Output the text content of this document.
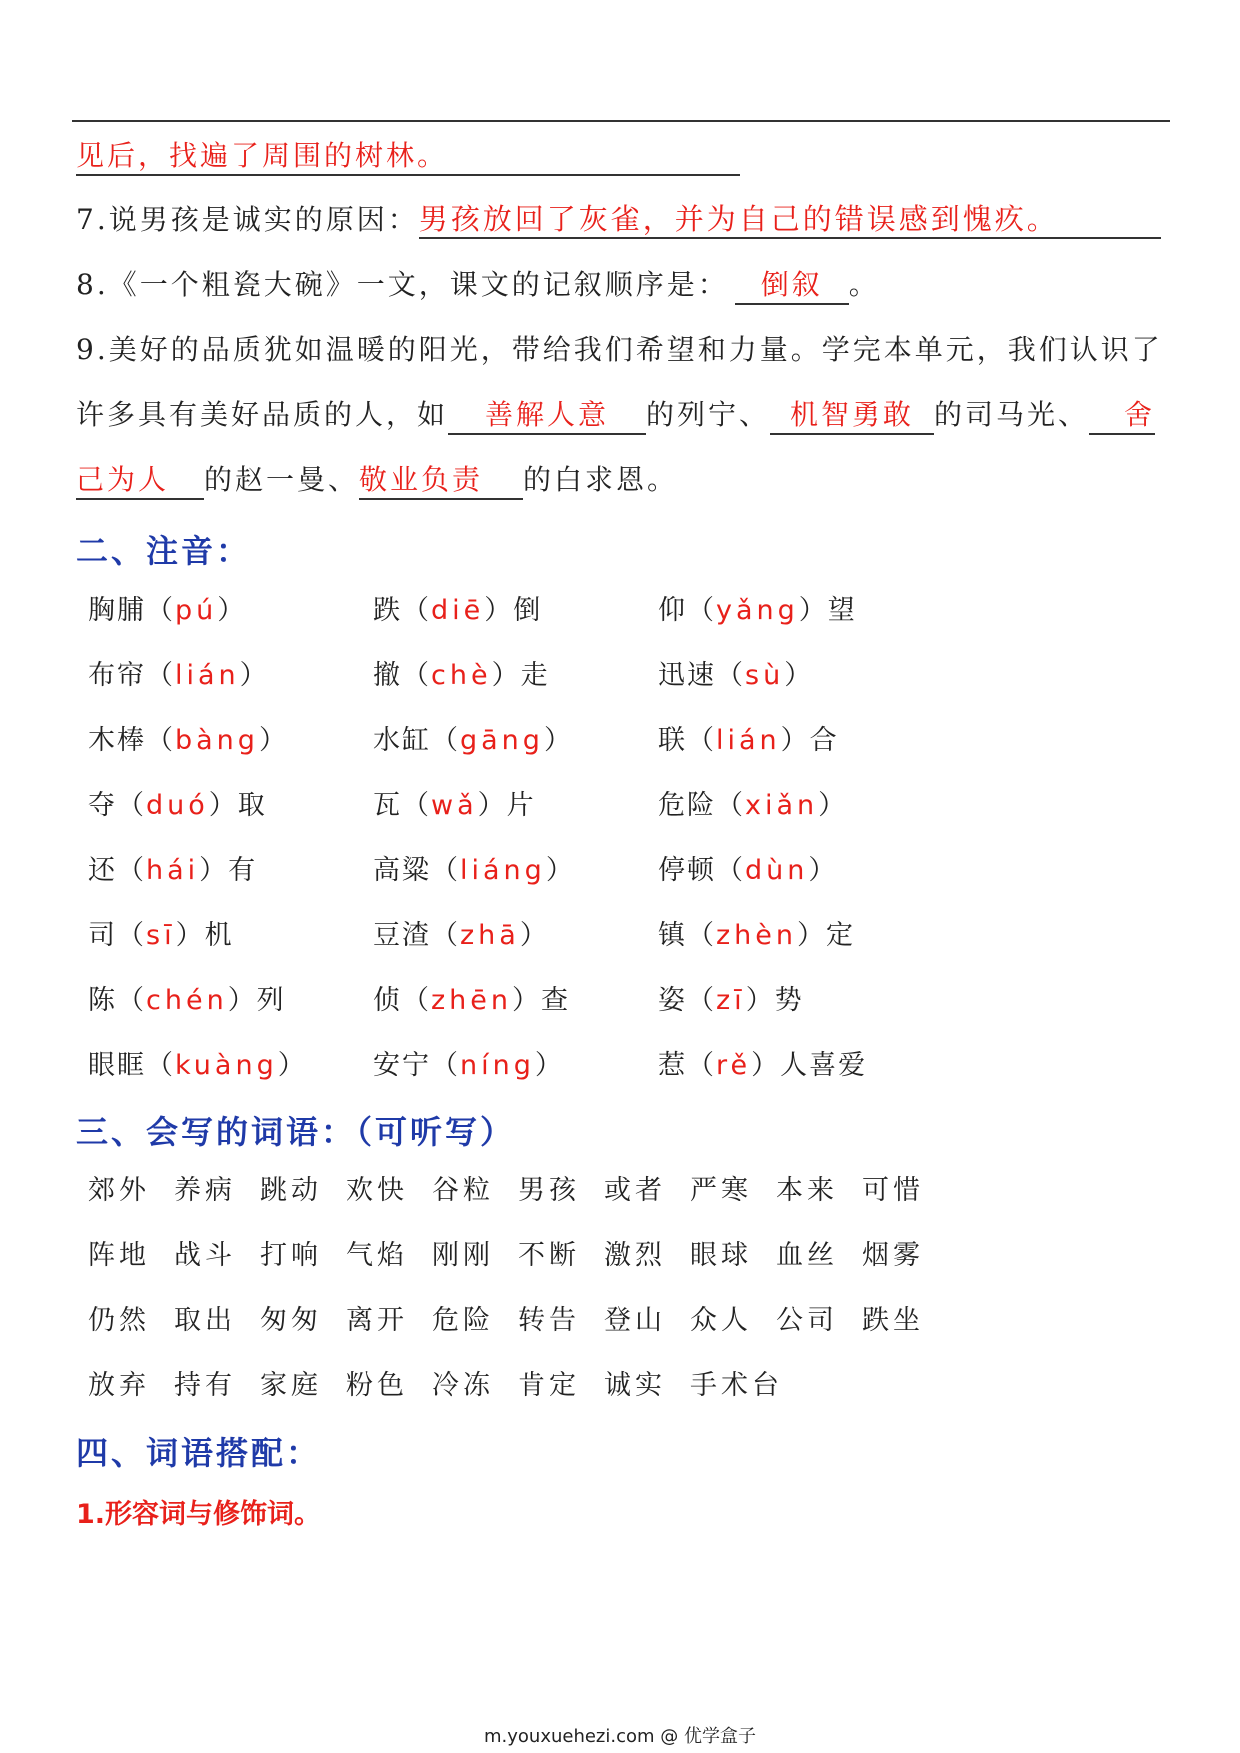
见后，找遍了周围的树林。
7.说男孩是诚实的原因：男孩放回了灰雀，并为自己的错误感到愧疚。
8.《一个粗瓷大碗》一文，课文的记叙顺序是： 倒叙 。
9.美好的品质犹如温暖的阳光，带给我们希望和力量。学完本单元，我们认识了
许多具有美好品质的人，如 善解人意 的列宁、 机智勇敢 的司马光、 舍
己为人 的赵一曼、敬业负责 的白求恩。
二、注音：
胸脯（pú）	跌（diē）倒	仰（yǎng）望
布帘（lián）	撤（chè）走	迅速（sù）
木棒（bàng）	水缸（gāng）	联（lián）合
夺（duó）取	瓦（wǎ）片	危险（xiǎn）
还（hái）有	高粱（liáng）	停顿（dùn）
司（sī）机	豆渣（zhā）	镇（zhèn）定
陈（chén）列	侦（zhēn）查	姿（zī）势
眼眶（kuàng） 安宁（níng）	惹（rě）人喜爱
三、会写的词语：（可听写）
郊外 养病 跳动 欢快 谷粒 男孩 或者 严寒 本来 可惜
阵地 战斗 打响 气焰 刚刚 不断 激烈 眼球 血丝 烟雾
仍然 取出 匆匆 离开 危险 转告 登山 众人 公司 跌坐
放弃 持有 家庭 粉色 冷冻 肯定 诚实 手术台
四、词语搭配：
1.形容词与修饰词。
m.youxuehezi.com @ 优学盒子
